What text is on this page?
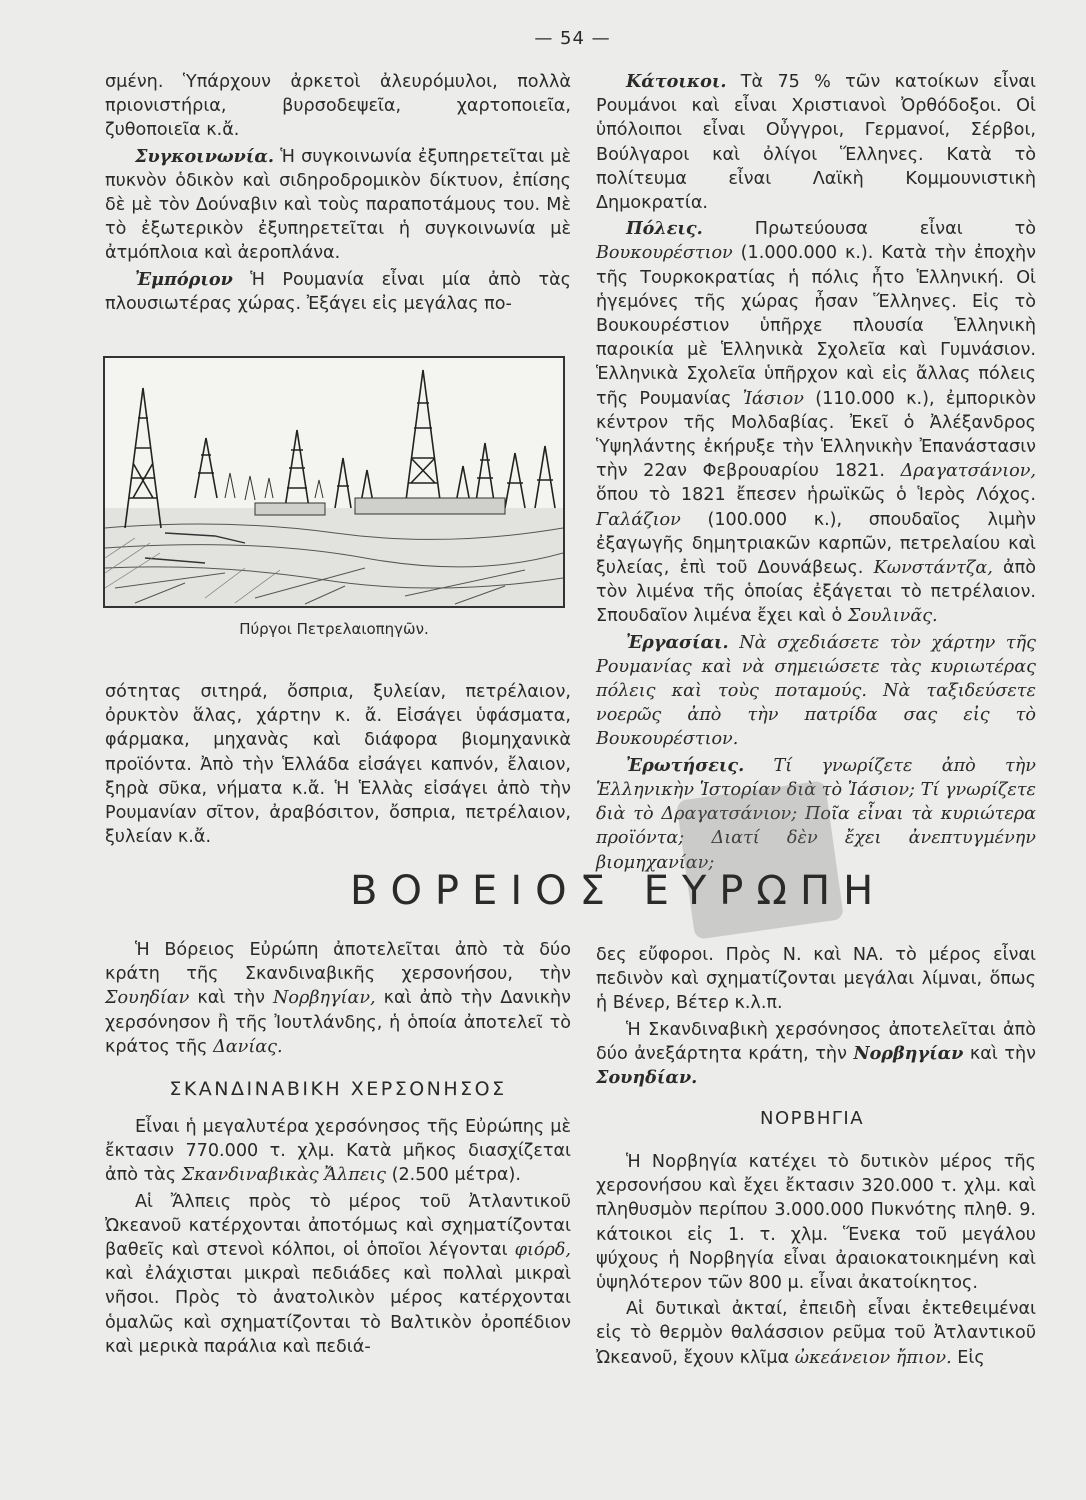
— 54 —

σμένη. Ὑπάρχουν ἀρκετοὶ ἀλευρόμυλοι, πολλὰ πριονιστήρια, βυρσοδεψεῖα, χαρτοποιεῖα, ζυθοποιεῖα κ.ἄ.

Συγκοινωνία. Ἡ συγκοινωνία ἐξυπηρετεῖται μὲ πυκνὸν ὁδικὸν καὶ σιδηροδρομικὸν δίκτυον, ἐπίσης δὲ μὲ τὸν Δούναβιν καὶ τοὺς παραποτάμους του. Μὲ τὸ ἐξωτερικὸν ἐξυπηρετεῖται ἡ συγκοινωνία μὲ ἀτμόπλοια καὶ ἀεροπλάνα.

Ἐμπόριον Ἡ Ρουμανία εἶναι μία ἀπὸ τὰς πλουσιωτέρας χώρας. Ἐξάγει εἰς μεγάλας πο-

Πύργοι Πετρελαιοπηγῶν.

σότητας σιτηρά, ὄσπρια, ξυλείαν, πετρέλαιον, ὀρυκτὸν ἅλας, χάρτην κ. ἄ. Εἰσάγει ὑφάσματα, φάρμακα, μηχανὰς καὶ διάφορα βιομηχανικὰ προϊόντα. Ἀπὸ τὴν Ἑλλάδα εἰσάγει καπνόν, ἔλαιον, ξηρὰ σῦκα, νήματα κ.ἄ. Ἡ Ἑλλὰς εἰσάγει ἀπὸ τὴν Ρουμανίαν σῖτον, ἀραβόσιτον, ὄσπρια, πετρέλαιον, ξυλείαν κ.ἄ.

Κάτοικοι. Τὰ 75 % τῶν κατοίκων εἶναι Ρουμάνοι καὶ εἶναι Χριστιανοὶ Ὀρθόδοξοι. Οἱ ὑπόλοιποι εἶναι Οὖγγροι, Γερμανοί, Σέρβοι, Βούλγαροι καὶ ὀλίγοι Ἕλληνες. Κατὰ τὸ πολίτευμα εἶναι Λαϊκὴ Κομμουνιστικὴ Δημοκρατία.

Πόλεις. Πρωτεύουσα εἶναι τὸ Βουκουρέστιον (1.000.000 κ.). Κατὰ τὴν ἐποχὴν τῆς Τουρκοκρατίας ἡ πόλις ἦτο Ἑλληνική. Οἱ ἡγεμόνες τῆς χώρας ἦσαν Ἕλληνες. Εἰς τὸ Βουκουρέστιον ὑπῆρχε πλουσία Ἑλληνικὴ παροικία μὲ Ἑλληνικὰ Σχολεῖα καὶ Γυμνάσιον. Ἑλληνικὰ Σχολεῖα ὑπῆρχον καὶ εἰς ἄλλας πόλεις τῆς Ρουμανίας Ἰάσιον (110.000 κ.), ἐμπορικὸν κέντρον τῆς Μολδαβίας. Ἐκεῖ ὁ Ἀλέξανδρος Ὑψηλάντης ἐκήρυξε τὴν Ἑλληνικὴν Ἐπανάστασιν τὴν 22αν Φεβρουαρίου 1821. Δραγατσάνιον, ὅπου τὸ 1821 ἔπεσεν ἡρωϊκῶς ὁ Ἱερὸς Λόχος. Γαλάζιον (100.000 κ.), σπουδαῖος λιμὴν ἐξαγωγῆς δημητριακῶν καρπῶν, πετρελαίου καὶ ξυλείας, ἐπὶ τοῦ Δουνάβεως. Κωνστάντζα, ἀπὸ τὸν λιμένα τῆς ὁποίας ἐξάγεται τὸ πετρέλαιον. Σπουδαῖον λιμένα ἔχει καὶ ὁ Σουλινᾶς.

Ἐργασίαι. Νὰ σχεδιάσετε τὸν χάρτην τῆς Ρουμανίας καὶ νὰ σημειώσετε τὰς κυριωτέρας πόλεις καὶ τοὺς ποταμούς. Νὰ ταξιδεύσετε νοερῶς ἀπὸ τὴν πατρίδα σας εἰς τὸ Βουκουρέστιον.

Ἐρωτήσεις. Τί γνωρίζετε ἀπὸ τὴν Ἑλληνικὴν Ἱστορίαν διὰ τὸ Ἰάσιον; Τί γνωρίζετε διὰ τὸ Δραγατσάνιον; Ποῖα εἶναι τὰ κυριώτερα προϊόντα; Διατί δὲν ἔχει ἀνεπτυγμένην βιομηχανίαν;

ΒΟΡΕΙΟΣ ΕΥΡΩΠΗ

Ἡ Βόρειος Εὐρώπη ἀποτελεῖται ἀπὸ τὰ δύο κράτη τῆς Σκανδιναβικῆς χερσονήσου, τὴν Σουηδίαν καὶ τὴν Νορβηγίαν, καὶ ἀπὸ τὴν Δανικὴν χερσόνησον ἢ τῆς Ἰουτλάνδης, ἡ ὁποία ἀποτελεῖ τὸ κράτος τῆς Δανίας.

ΣΚΑΝΔΙΝΑΒΙΚΗ ΧΕΡΣΟΝΗΣΟΣ

Εἶναι ἡ μεγαλυτέρα χερσόνησος τῆς Εὐρώπης μὲ ἔκτασιν 770.000 τ. χλμ. Κατὰ μῆκος διασχίζεται ἀπὸ τὰς Σκανδιναβικὰς Ἄλπεις (2.500 μέτρα).

Αἱ Ἄλπεις πρὸς τὸ μέρος τοῦ Ἀτλαντικοῦ Ὠκεανοῦ κατέρχονται ἀποτόμως καὶ σχηματίζονται βαθεῖς καὶ στενοὶ κόλποι, οἱ ὁποῖοι λέγονται φιόρδ, καὶ ἐλάχισται μικραὶ πεδιάδες καὶ πολλαὶ μικραὶ νῆσοι. Πρὸς τὸ ἀνατολικὸν μέρος κατέρχονται ὁμαλῶς καὶ σχηματίζονται τὸ Βαλτικὸν ὀροπέδιον καὶ μερικὰ παράλια καὶ πεδιά-

δες εὔφοροι. Πρὸς Ν. καὶ ΝΑ. τὸ μέρος εἶναι πεδινὸν καὶ σχηματίζονται μεγάλαι λίμναι, ὅπως ἡ Βένερ, Βέτερ κ.λ.π.

Ἡ Σκανδιναβικὴ χερσόνησος ἀποτελεῖται ἀπὸ δύο ἀνεξάρτητα κράτη, τὴν Νορβηγίαν καὶ τὴν Σουηδίαν.

ΝΟΡΒΗΓΙΑ

Ἡ Νορβηγία κατέχει τὸ δυτικὸν μέρος τῆς χερσονήσου καὶ ἔχει ἔκτασιν 320.000 τ. χλμ. καὶ πληθυσμὸν περίπου 3.000.000 Πυκνότης πληθ. 9. κάτοικοι εἰς 1. τ. χλμ. Ἕνεκα τοῦ μεγάλου ψύχους ἡ Νορβηγία εἶναι ἀραιοκατοικημένη καὶ ὑψηλότερον τῶν 800 μ. εἶναι ἀκατοίκητος.

Αἱ δυτικαὶ ἀκταί, ἐπειδὴ εἶναι ἐκτεθειμέναι εἰς τὸ θερμὸν θαλάσσιον ρεῦμα τοῦ Ἀτλαντικοῦ Ὠκεανοῦ, ἔχουν κλῖμα ὠκεάνειον ἤπιον. Εἰς
